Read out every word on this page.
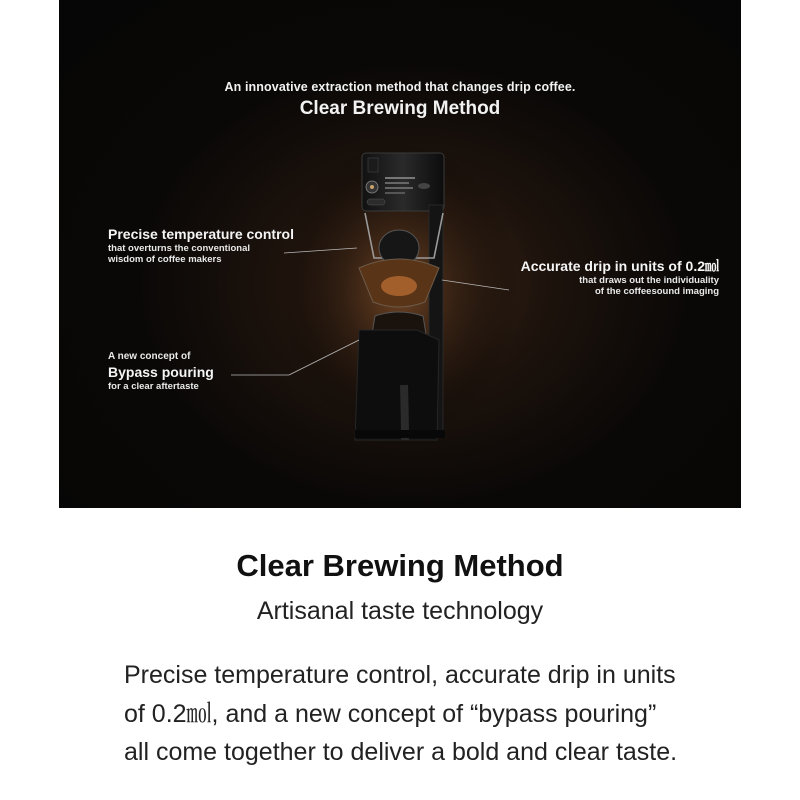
An innovative extraction method that changes drip coffee.
Clear Brewing Method
Precise temperature control
that overturns the conventional
wisdom of coffee makers	Accurate drip in units of 0.2㏖
that draws out the individuality
of the coffeesound imaging
A new concept of
Bypass pouring
for a clear aftertaste
Clear Brewing Method
Artisanal taste technology
Precise temperature control, accurate drip in units of 0.2㏖, and a new concept of “bypass pouring” all come together to deliver a bold and clear taste.
